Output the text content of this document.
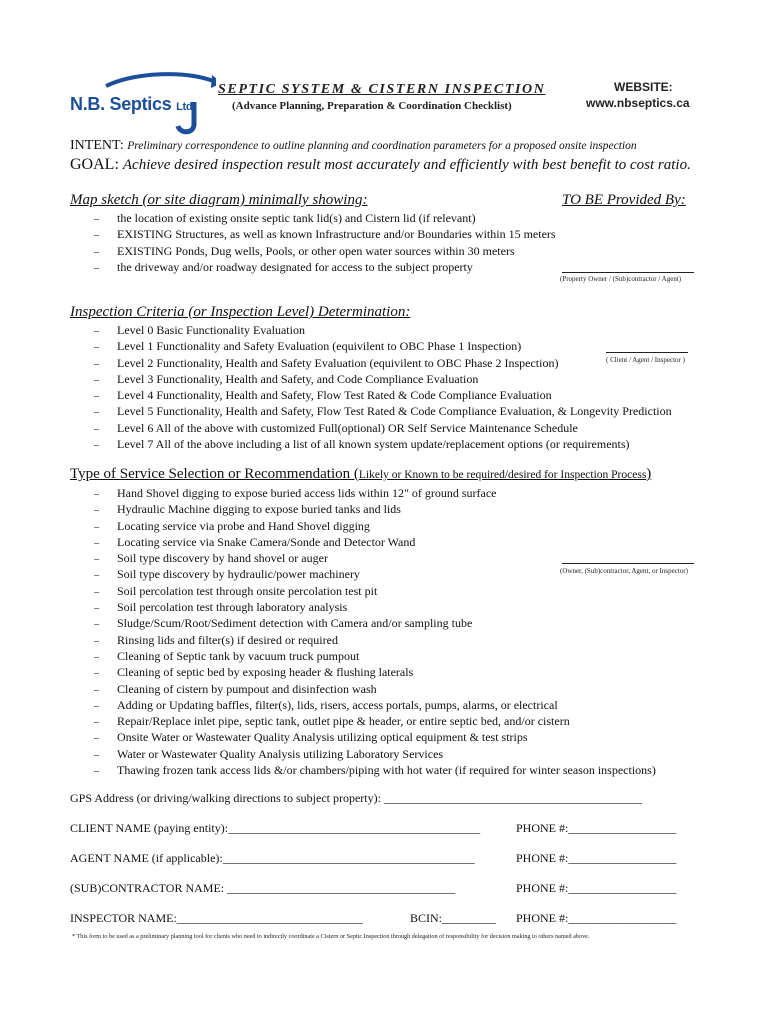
N.B. Septics Ltd.
SEPTIC SYSTEM & CISTERN INSPECTION
(Advance Planning, Preparation & Coordination Checklist)
WEBSITE:
www.nbseptics.ca
INTENT: Preliminary correspondence to outline planning and coordination parameters for a proposed onsite inspection
GOAL: Achieve desired inspection result most accurately and efficiently with best benefit to cost ratio.
Map sketch (or site diagram) minimally showing:	TO BE Provided By:
–
the location of existing onsite septic tank lid(s) and Cistern lid (if relevant)
–
EXISTING Structures, as well as known Infrastructure and/or Boundaries within 15 meters
–
EXISTING Ponds, Dug wells, Pools, or other open water sources within 30 meters
–
the driveway and/or roadway designated for access to the subject property
(Property Owner / (Sub)contractor / Agent)
Inspection Criteria (or Inspection Level) Determination:
–
Level 0 Basic Functionality Evaluation
–
Level 1 Functionality and Safety Evaluation (equivilent to OBC Phase 1 Inspection)
–
Level 2 Functionality, Health and Safety Evaluation (equivilent to OBC Phase 2 Inspection)
–
Level 3 Functionality, Health and Safety, and Code Compliance Evaluation
–
Level 4 Functionality, Health and Safety, Flow Test Rated & Code Compliance Evaluation
–
Level 5 Functionality, Health and Safety, Flow Test Rated & Code Compliance Evaluation, & Longevity Prediction
–
Level 6 All of the above with customized Full(optional) OR Self Service Maintenance Schedule
–
Level 7 All of the above including a list of all known system update/replacement options (or requirements)
( Client / Agent / Inspector )
Type of Service Selection or Recommendation (Likely or Known to be required/desired for Inspection Process)
–
Hand Shovel digging to expose buried access lids within 12" of ground surface
–
Hydraulic Machine digging to expose buried tanks and lids
–
Locating service via probe and Hand Shovel digging
–
Locating service via Snake Camera/Sonde and Detector Wand
–
Soil type discovery by hand shovel or auger
–
Soil type discovery by hydraulic/power machinery
–
Soil percolation test through onsite percolation test pit
–
Soil percolation test through laboratory analysis
–
Sludge/Scum/Root/Sediment detection with Camera and/or sampling tube
–
Rinsing lids and filter(s) if desired or required
–
Cleaning of Septic tank by vacuum truck pumpout
–
Cleaning of septic bed by exposing header & flushing laterals
–
Cleaning of cistern by pumpout and disinfection wash
–
Adding or Updating baffles, filter(s), lids, risers, access portals, pumps, alarms, or electrical
–
Repair/Replace inlet pipe, septic tank, outlet pipe & header, or entire septic bed, and/or cistern
–
Onsite Water or Wastewater Quality Analysis utilizing optical equipment & test strips
–
Water or Wastewater Quality Analysis utilizing Laboratory Services
–
Thawing frozen tank access lids &/or chambers/piping with hot water (if required for winter season inspections)
(Owner, (Sub)contractor, Agent, or Inspector)
GPS Address (or driving/walking directions to subject property): ___________________________________________
CLIENT NAME (paying entity):__________________________________________	PHONE #:__________________
AGENT NAME (if applicable):__________________________________________	PHONE #:__________________
(SUB)CONTRACTOR NAME: ______________________________________	PHONE #:__________________
INSPECTOR NAME:_______________________________	BCIN:_________ PHONE #:__________________
* This form to be used as a preliminary planning tool for clients who need to indirectly coordinate a Cistern or Septic Inspection through delegation of responsibility for decision making to others named above.
